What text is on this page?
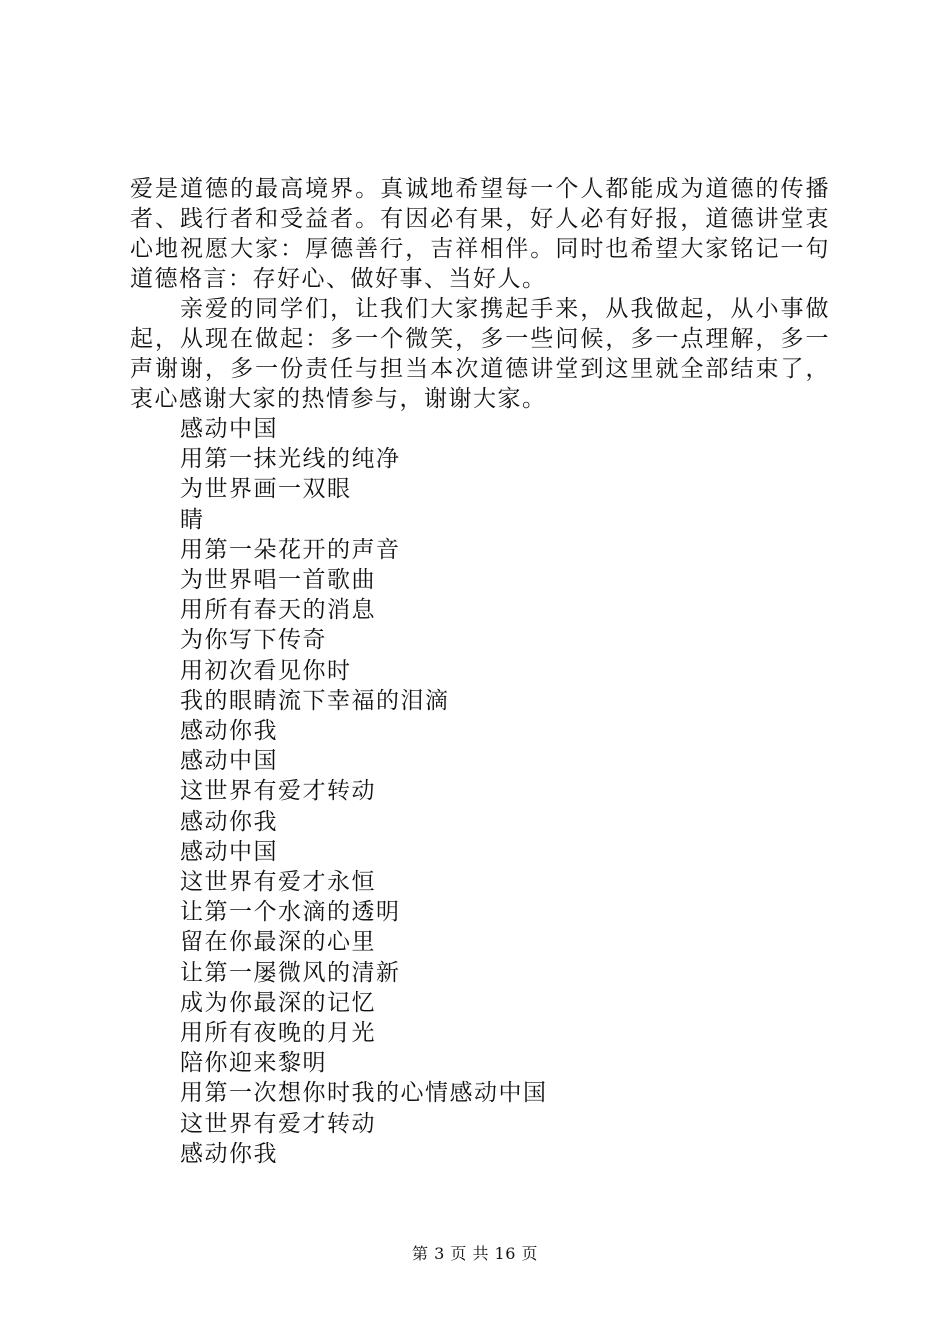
爱是道德的最高境界。真诚地希望每一个人都能成为道德的传播者、践行者和受益者。有因必有果，好人必有好报，道德讲堂衷心地祝愿大家：厚德善行，吉祥相伴。同时也希望大家铭记一句道德格言：存好心、做好事、当好人。

亲爱的同学们，让我们大家携起手来，从我做起，从小事做起，从现在做起：多一个微笑，多一些问候，多一点理解，多一声谢谢，多一份责任与担当本次道德讲堂到这里就全部结束了，衷心感谢大家的热情参与，谢谢大家。

感动中国
用第一抹光线的纯净
为世界画一双眼
睛
用第一朵花开的声音
为世界唱一首歌曲
用所有春天的消息
为你写下传奇
用初次看见你时
我的眼睛流下幸福的泪滴
感动你我
感动中国
这世界有爱才转动
感动你我
感动中国
这世界有爱才永恒
让第一个水滴的透明
留在你最深的心里
让第一屡微风的清新
成为你最深的记忆
用所有夜晚的月光
陪你迎来黎明
用第一次想你时我的心情感动中国
这世界有爱才转动
感动你我
第 3 页 共 16 页
